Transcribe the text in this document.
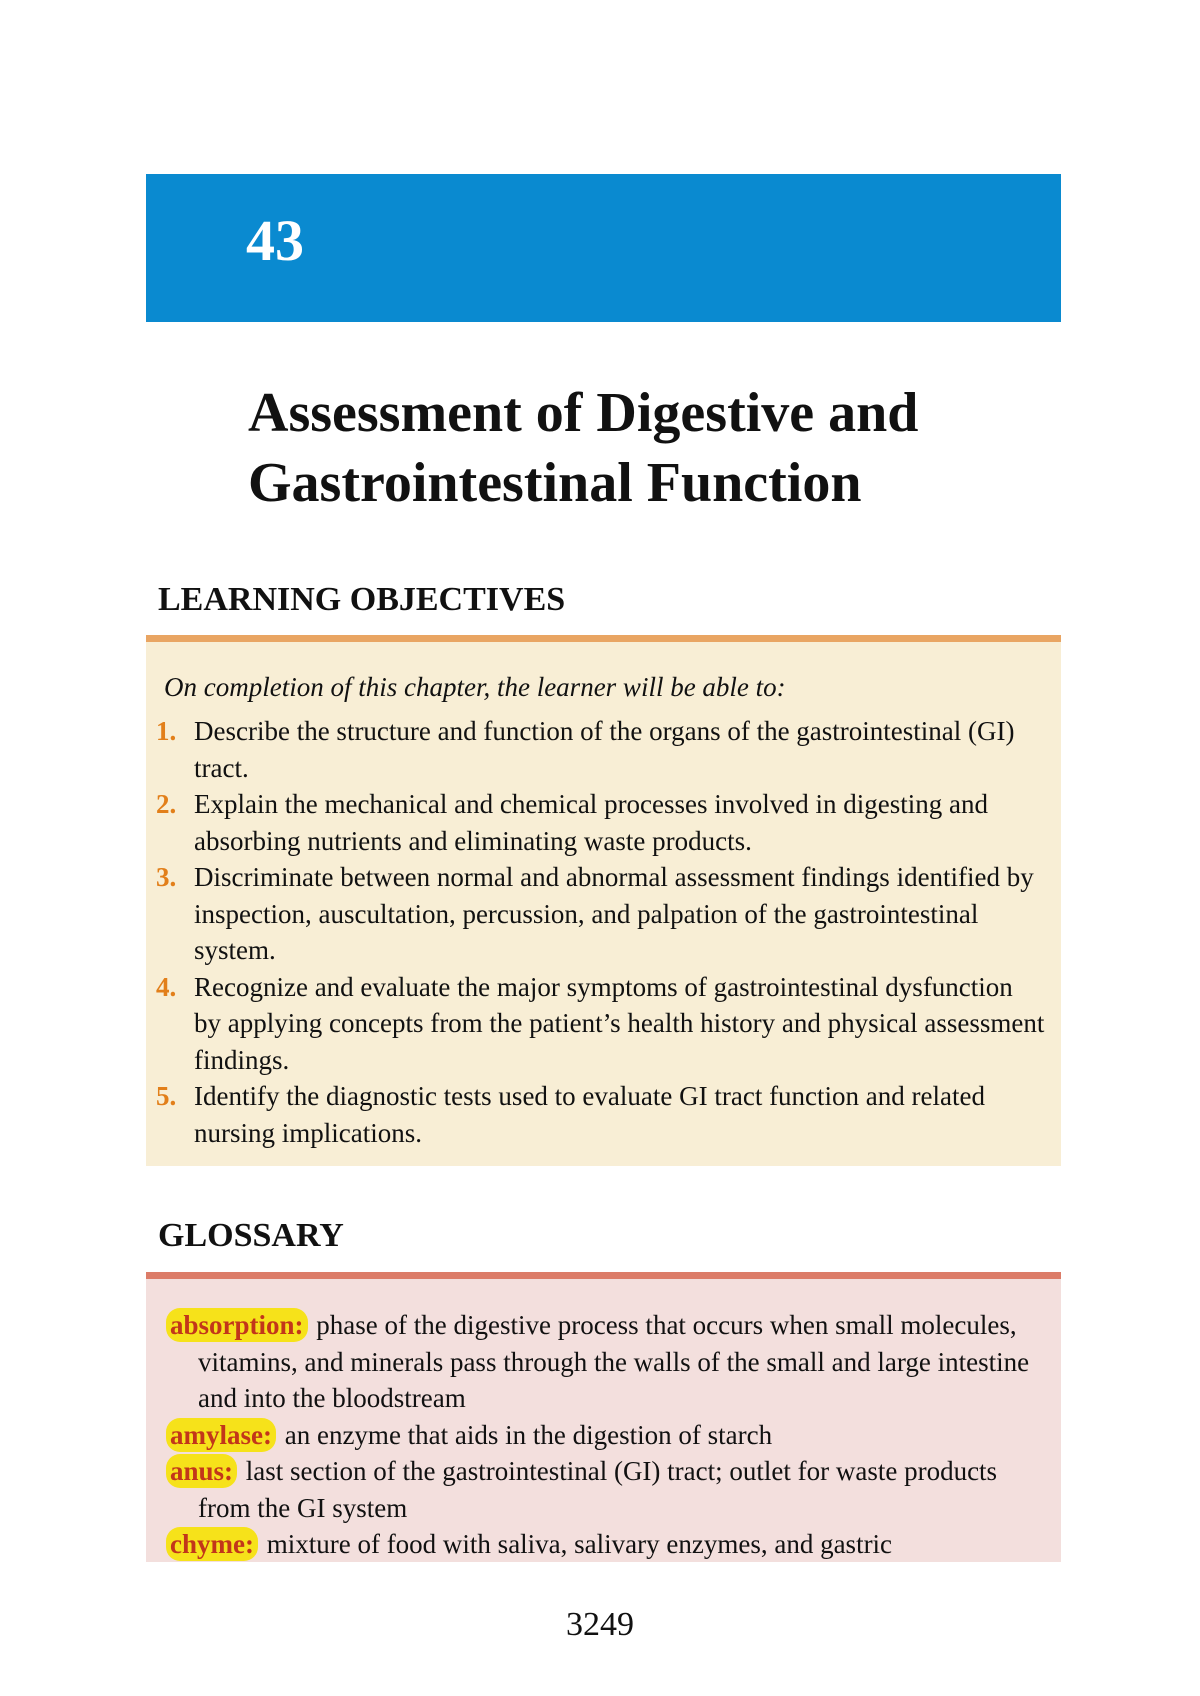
43
Assessment of Digestive and
Gastrointestinal Function
LEARNING OBJECTIVES
On completion of this chapter, the learner will be able to:
1. Describe the structure and function of the organs of the gastrointestinal (GI) tract.
2. Explain the mechanical and chemical processes involved in digesting and absorbing nutrients and eliminating waste products.
3. Discriminate between normal and abnormal assessment findings identified by inspection, auscultation, percussion, and palpation of the gastrointestinal system.
4. Recognize and evaluate the major symptoms of gastrointestinal dysfunction by applying concepts from the patient’s health history and physical assessment findings.
5. Identify the diagnostic tests used to evaluate GI tract function and related nursing implications.
GLOSSARY
absorption: phase of the digestive process that occurs when small molecules, vitamins, and minerals pass through the walls of the small and large intestine and into the bloodstream
amylase: an enzyme that aids in the digestion of starch
anus: last section of the gastrointestinal (GI) tract; outlet for waste products from the GI system
chyme: mixture of food with saliva, salivary enzymes, and gastric
3249
